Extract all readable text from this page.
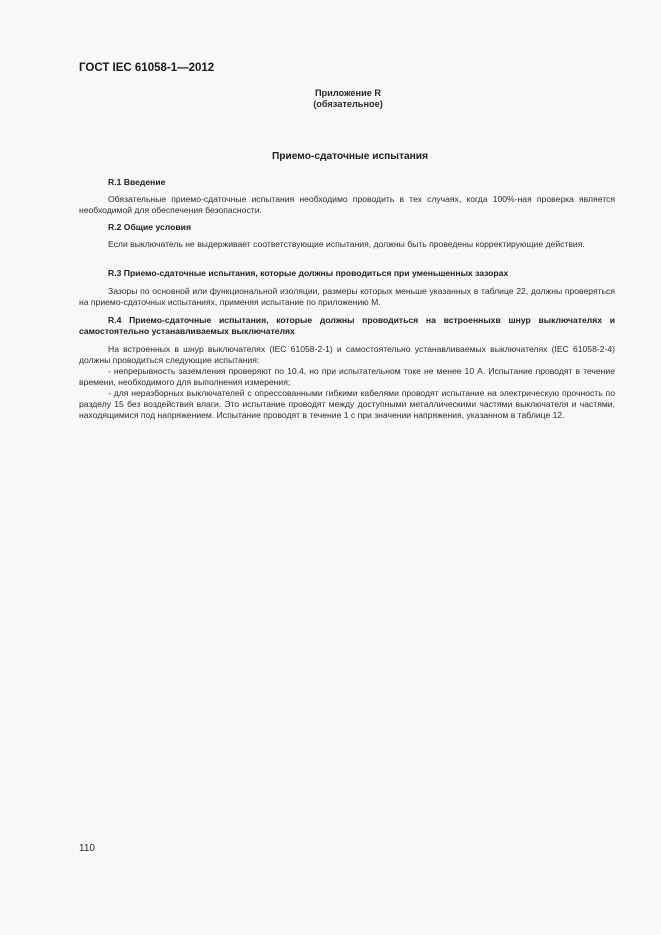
ГОСТ IEC 61058-1—2012
Приложение R
(обязательное)
Приемо-сдаточные испытания
R.1 Введение

Обязательные приемо-сдаточные испытания необходимо проводить в тех случаях, когда 100%-ная проверка является необходимой для обеспечения безопасности.

R.2 Общие условия

Если выключатель не выдерживает соответствующие испытания, должны быть проведены корректирующие действия.

R.3 Приемо-сдаточные испытания, которые должны проводиться при уменьшенных зазорах

Зазоры по основной или функциональной изоляции, размеры которых меньше указанных в таблице 22, должны проверяться на приемо-сдаточных испытаниях, применяя испытание по приложению М.

R.4 Приемо-сдаточные испытания, которые должны проводиться на встроенныхв шнур выключателях и самостоятельно устанавливаемых выключателях

На встроенных в шнур выключателях (IEC 61058-2-1) и самостоятельно устанавливаемых выключателях (IEC 61058-2-4) должны проводиться следующие испытания:

- непрерывность заземления проверяют по 10.4, но при испытательном токе не менее 10 А. Испытание проводят в течение времени, необходимого для выполнения измерения;

- для неразборных выключателей с опрессованными гибкими кабелями проводят испытание на электрическую прочность по разделу 15 без воздействия влаги. Это испытание проводят между доступными металлическими частями выключателя и частями, находящимися под напряжением. Испытание проводят в течение 1 с при значении напряжения, указанном в таблице 12.

110
